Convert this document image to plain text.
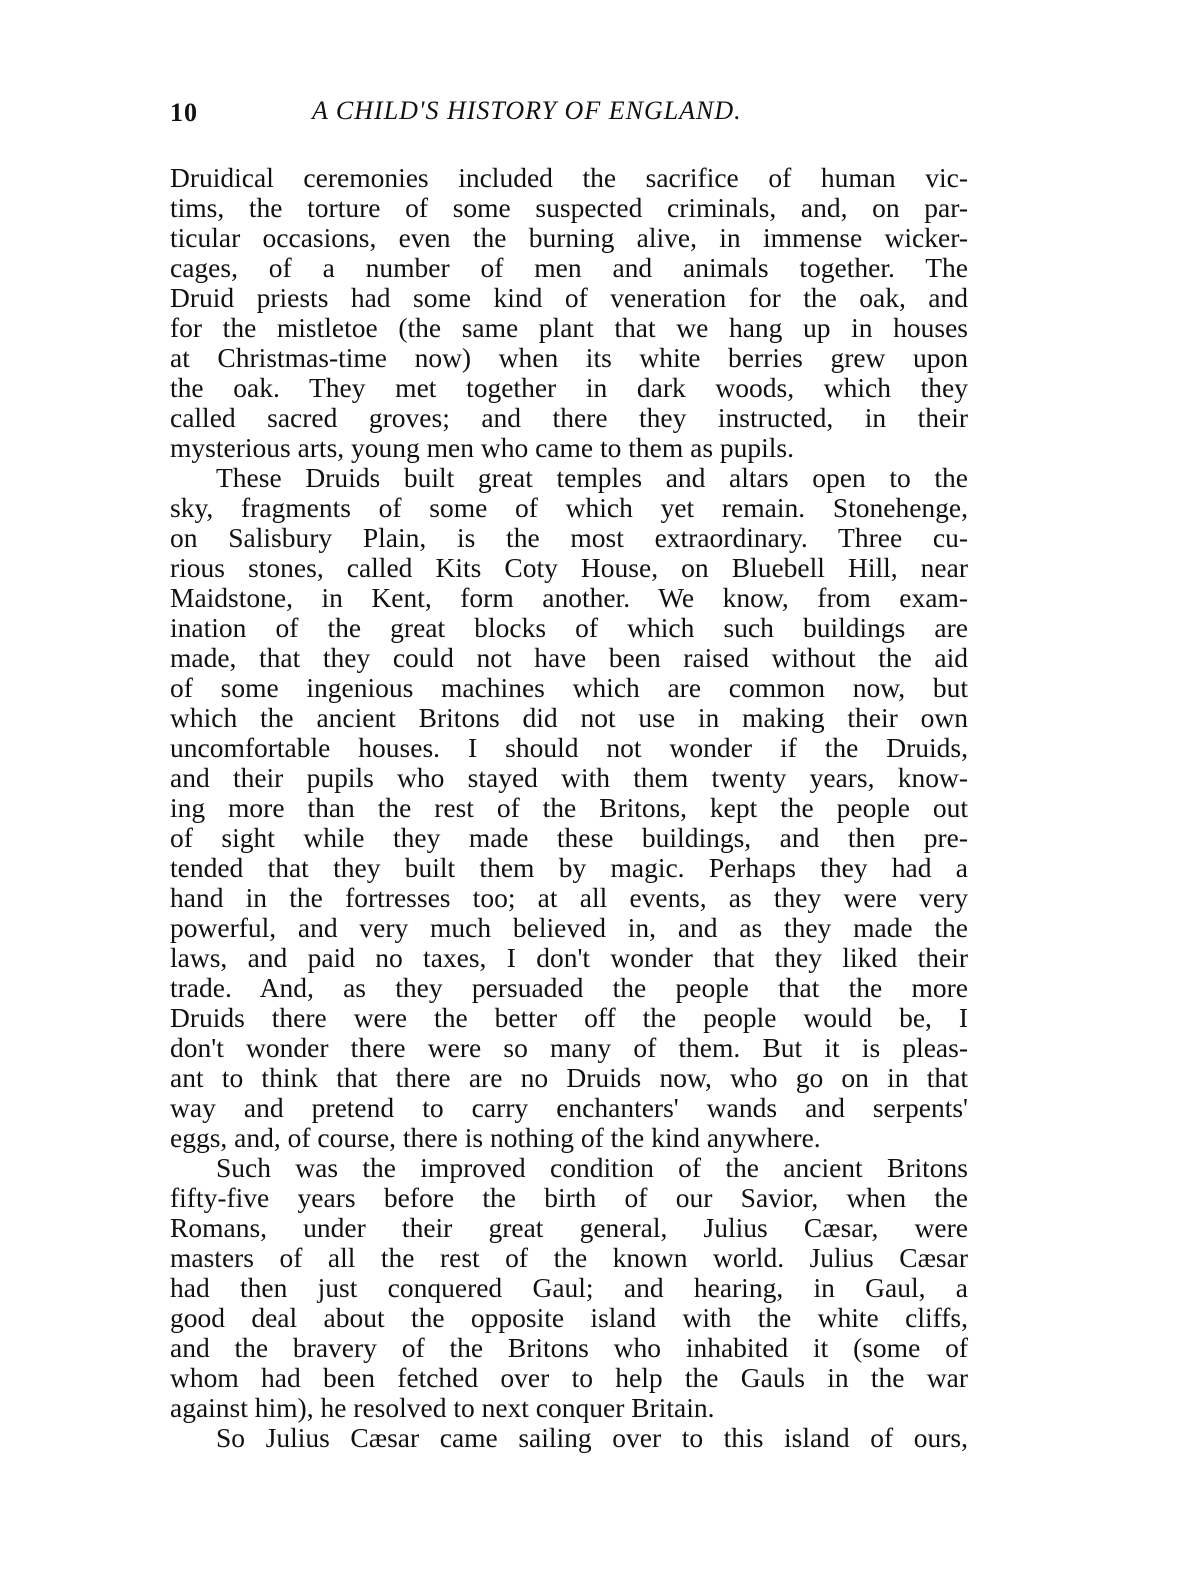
10	A CHILD'S HISTORY OF ENGLAND.
Druidical ceremonies included the sacrifice of human vic-
tims, the torture of some suspected criminals, and, on par-
ticular occasions, even the burning alive, in immense wicker-
cages, of a number of men and animals together. The
Druid priests had some kind of veneration for the oak, and
for the mistletoe (the same plant that we hang up in houses
at Christmas-time now) when its white berries grew upon
the oak. They met together in dark woods, which they
called sacred groves; and there they instructed, in their
mysterious arts, young men who came to them as pupils.
These Druids built great temples and altars open to the
sky, fragments of some of which yet remain. Stonehenge,
on Salisbury Plain, is the most extraordinary. Three cu-
rious stones, called Kits Coty House, on Bluebell Hill, near
Maidstone, in Kent, form another. We know, from exam-
ination of the great blocks of which such buildings are
made, that they could not have been raised without the aid
of some ingenious machines which are common now, but
which the ancient Britons did not use in making their own
uncomfortable houses. I should not wonder if the Druids,
and their pupils who stayed with them twenty years, know-
ing more than the rest of the Britons, kept the people out
of sight while they made these buildings, and then pre-
tended that they built them by magic. Perhaps they had a
hand in the fortresses too; at all events, as they were very
powerful, and very much believed in, and as they made the
laws, and paid no taxes, I don't wonder that they liked their
trade. And, as they persuaded the people that the more
Druids there were the better off the people would be, I
don't wonder there were so many of them. But it is pleas-
ant to think that there are no Druids now, who go on in that
way and pretend to carry enchanters' wands and serpents'
eggs, and, of course, there is nothing of the kind anywhere.
Such was the improved condition of the ancient Britons
fifty-five years before the birth of our Savior, when the
Romans, under their great general, Julius Cæsar, were
masters of all the rest of the known world. Julius Cæsar
had then just conquered Gaul; and hearing, in Gaul, a
good deal about the opposite island with the white cliffs,
and the bravery of the Britons who inhabited it (some of
whom had been fetched over to help the Gauls in the war
against him), he resolved to next conquer Britain.
So Julius Cæsar came sailing over to this island of ours,
